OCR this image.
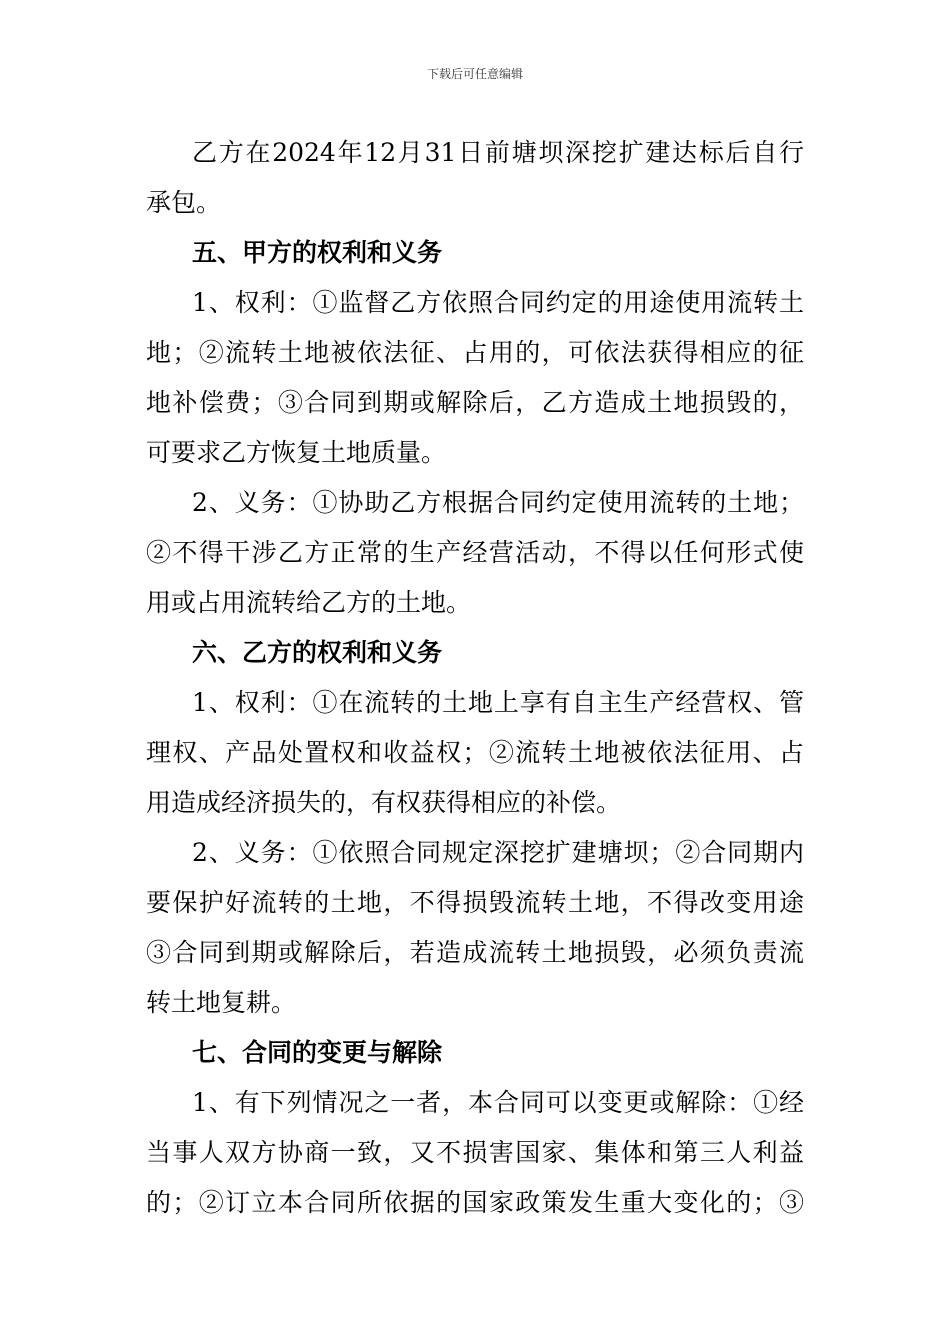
下载后可任意编辑
乙方在2024年12月31日前塘坝深挖扩建达标后自行
承包。
五、甲方的权利和义务
1、权利：①监督乙方依照合同约定的用途使用流转土
地；②流转土地被依法征、占用的，可依法获得相应的征
地补偿费；③合同到期或解除后，乙方造成土地损毁的，
可要求乙方恢复土地质量。
2、义务：①协助乙方根据合同约定使用流转的土地；
②不得干涉乙方正常的生产经营活动，不得以任何形式使
用或占用流转给乙方的土地。
六、乙方的权利和义务
1、权利：①在流转的土地上享有自主生产经营权、管
理权、产品处置权和收益权；②流转土地被依法征用、占
用造成经济损失的，有权获得相应的补偿。
2、义务：①依照合同规定深挖扩建塘坝；②合同期内
要保护好流转的土地，不得损毁流转土地，不得改变用途
③合同到期或解除后，若造成流转土地损毁，必须负责流
转土地复耕。
七、合同的变更与解除
1、有下列情况之一者，本合同可以变更或解除：①经
当事人双方协商一致，又不损害国家、集体和第三人利益
的；②订立本合同所依据的国家政策发生重大变化的；③
